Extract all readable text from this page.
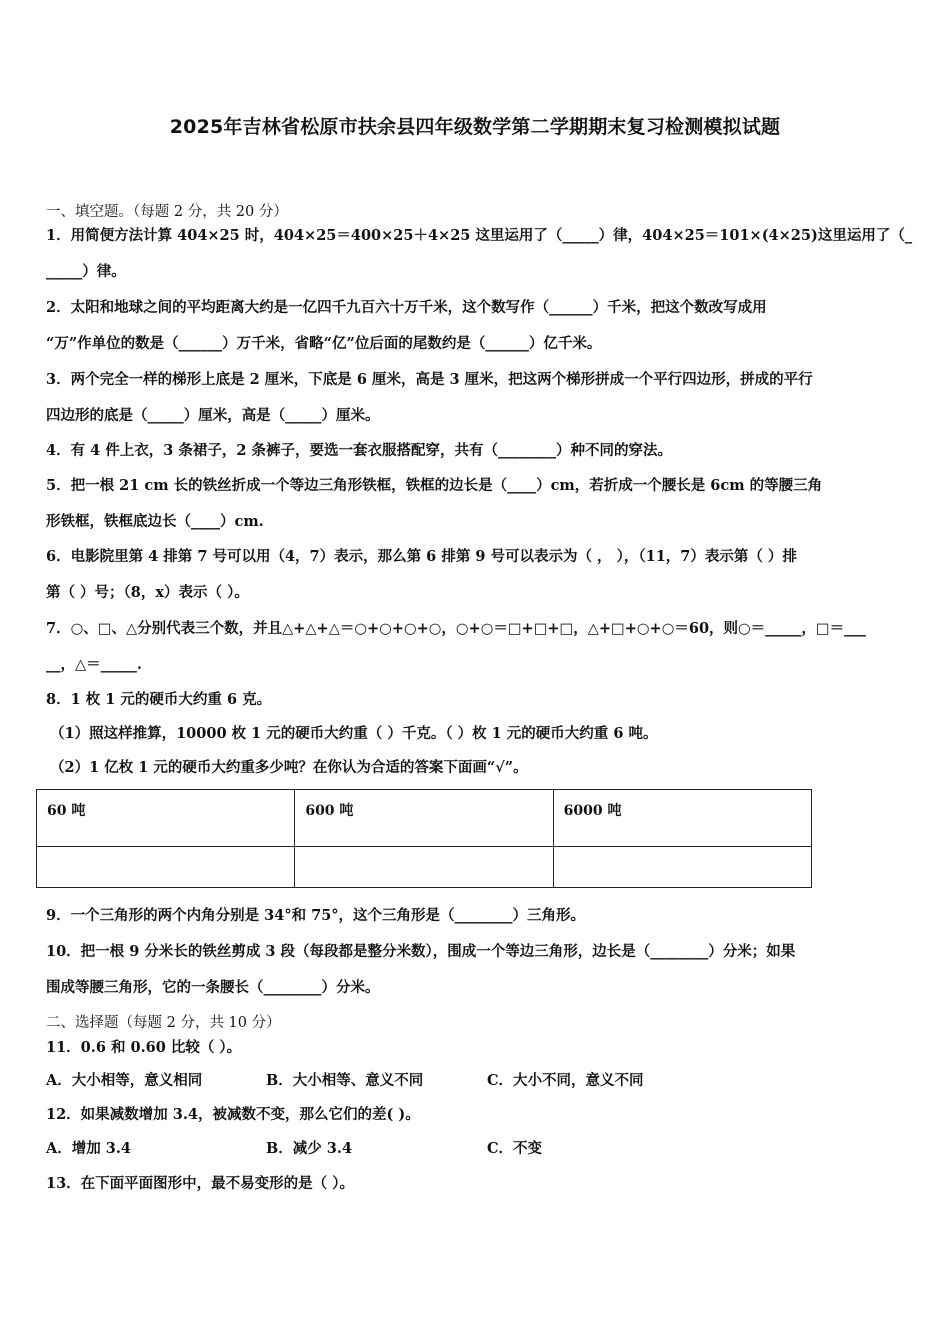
2025年吉林省松原市扶余县四年级数学第二学期期末复习检测模拟试题
一、填空题。（每题 2 分，共 20 分）
1．用简便方法计算 404×25 时，404×25＝400×25＋4×25 这里运用了（_____）律，404×25＝101×(4×25)这里运用了（_
_____）律。
2．太阳和地球之间的平均距离大约是一亿四千九百六十万千米，这个数写作（______）千米，把这个数改写成用
“万”作单位的数是（______）万千米，省略“亿”位后面的尾数约是（______）亿千米。
3．两个完全一样的梯形上底是 2 厘米，下底是 6 厘米，高是 3 厘米，把这两个梯形拼成一个平行四边形，拼成的平行
四边形的底是（_____）厘米，高是（_____）厘米。
4．有 4 件上衣，3 条裙子，2 条裤子，要选一套衣服搭配穿，共有（________）种不同的穿法。
5．把一根 21 cm 长的铁丝折成一个等边三角形铁框，铁框的边长是（____）cm，若折成一个腰长是 6cm 的等腰三角
形铁框，铁框底边长（____）cm.
6．电影院里第 4 排第 7 号可以用（4，7）表示，那么第 6 排第 9 号可以表示为（ ， ），（11，7）表示第（ ）排
第（ ）号；（8，x）表示（ ）。
7．○、□、△分别代表三个数，并且△+△+△＝○+○+○+○，○+○＝□+□+□，△+□+○+○＝60，则○＝_____，□＝___
__，△＝_____.
8．1 枚 1 元的硬币大约重 6 克。
（1）照这样推算，10000 枚 1 元的硬币大约重（ ）千克。（ ）枚 1 元的硬币大约重 6 吨。
（2）1 亿枚 1 元的硬币大约重多少吨？在你认为合适的答案下面画“√”。
60 吨	600 吨	6000 吨

9．一个三角形的两个内角分别是 34°和 75°，这个三角形是（________）三角形。
10．把一根 9 分米长的铁丝剪成 3 段（每段都是整分米数），围成一个等边三角形，边长是（________）分米；如果
围成等腰三角形，它的一条腰长（________）分米。
二、选择题（每题 2 分，共 10 分）
11．0.6 和 0.60 比较（ ）。
A．大小相等，意义相同	B．大小相等、意义不同	C．大小不同，意义不同
12．如果减数增加 3.4，被减数不变，那么它们的差( )。
A．增加 3.4	B．减少 3.4	C．不变
13．在下面平面图形中，最不易变形的是（ ）。
